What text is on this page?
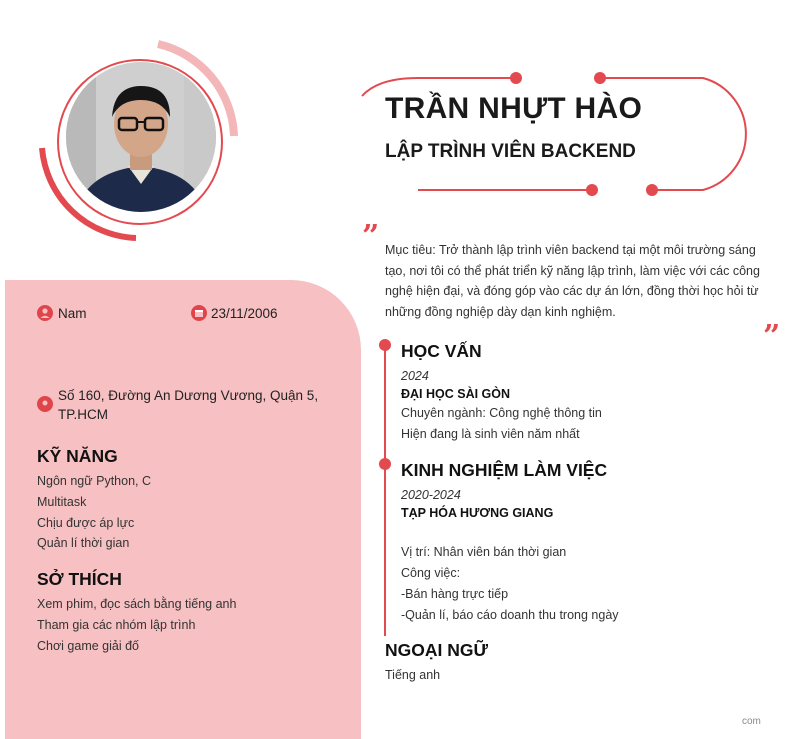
TRẦN NHỰT HÀO
LẬP TRÌNH VIÊN BACKEND
” Mục tiêu: Trở thành lập trình viên backend tại một môi trường sáng tạo, nơi tôi có thể phát triển kỹ năng lập trình, làm việc với các công nghệ hiện đại, và đóng góp vào các dự án lớn, đồng thời học hỏi từ những đồng nghiệp dày dạn kinh nghiệm.
”
Nam	23/11/2006
Số 160, Đường An Dương Vương, Quận 5, TP.HCM
KỸ NĂNG
Ngôn ngữ Python, C
Multitask
Chịu được áp lực
Quản lí thời gian
SỞ THÍCH
Xem phim, đọc sách bằng tiếng anh
Tham gia các nhóm lập trình
Chơi game giải đố
HỌC VẤN
2024
ĐẠI HỌC SÀI GÒN
Chuyên ngành: Công nghệ thông tin
Hiện đang là sinh viên năm nhất
KINH NGHIỆM LÀM VIỆC
2020-2024
TẠP HÓA HƯƠNG GIANG
Vị trí: Nhân viên bán thời gian
Công việc:
-Bán hàng trực tiếp
-Quản lí, báo cáo doanh thu trong ngày
NGOẠI NGỮ
Tiếng anh
com
